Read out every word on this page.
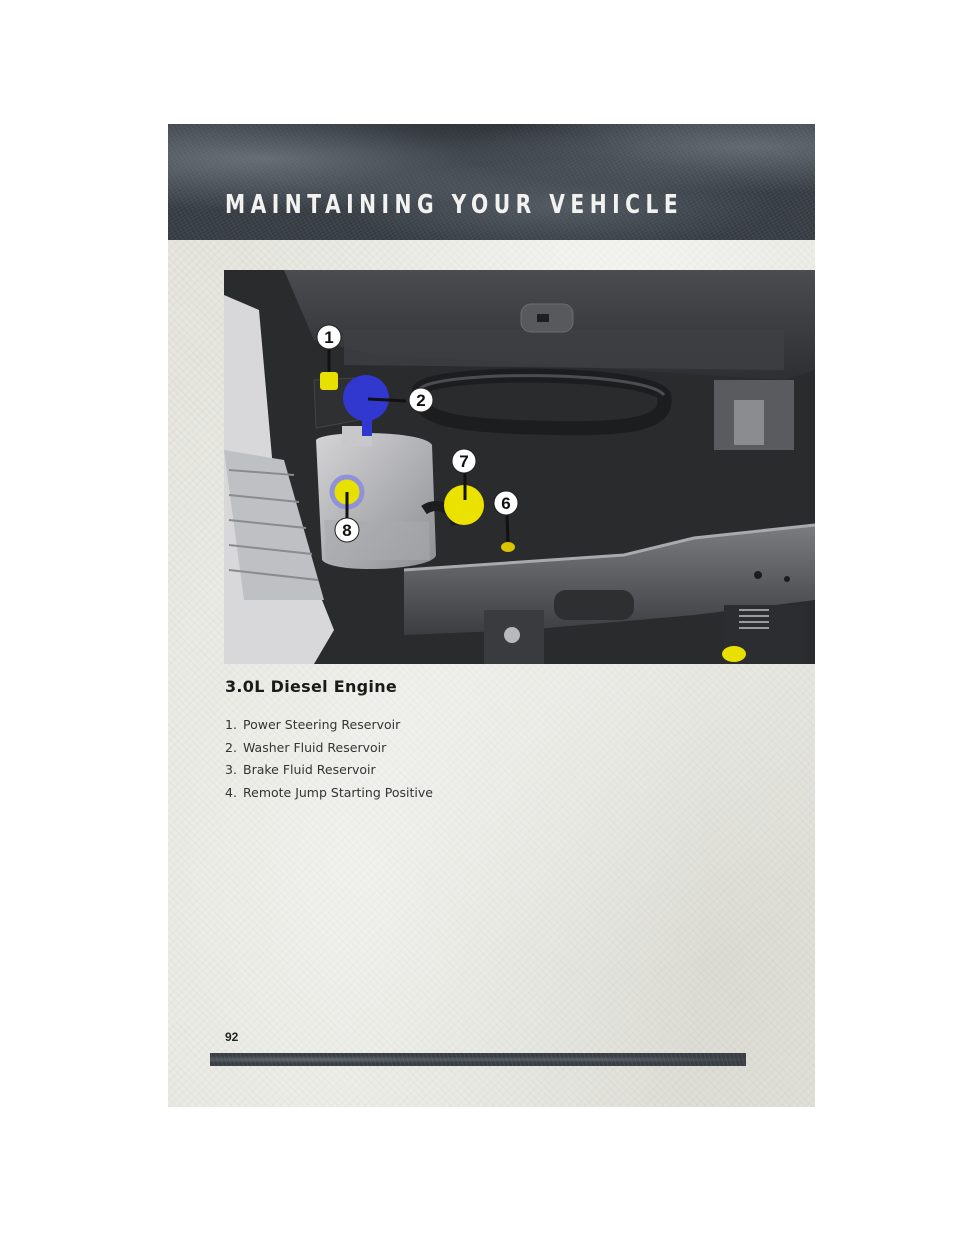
MAINTAINING YOUR VEHICLE
1
2
7
6
8
3.0L Diesel Engine
1. Power Steering Reservoir
2. Washer Fluid Reservoir
3. Brake Fluid Reservoir
4. Remote Jump Starting Positive
92
